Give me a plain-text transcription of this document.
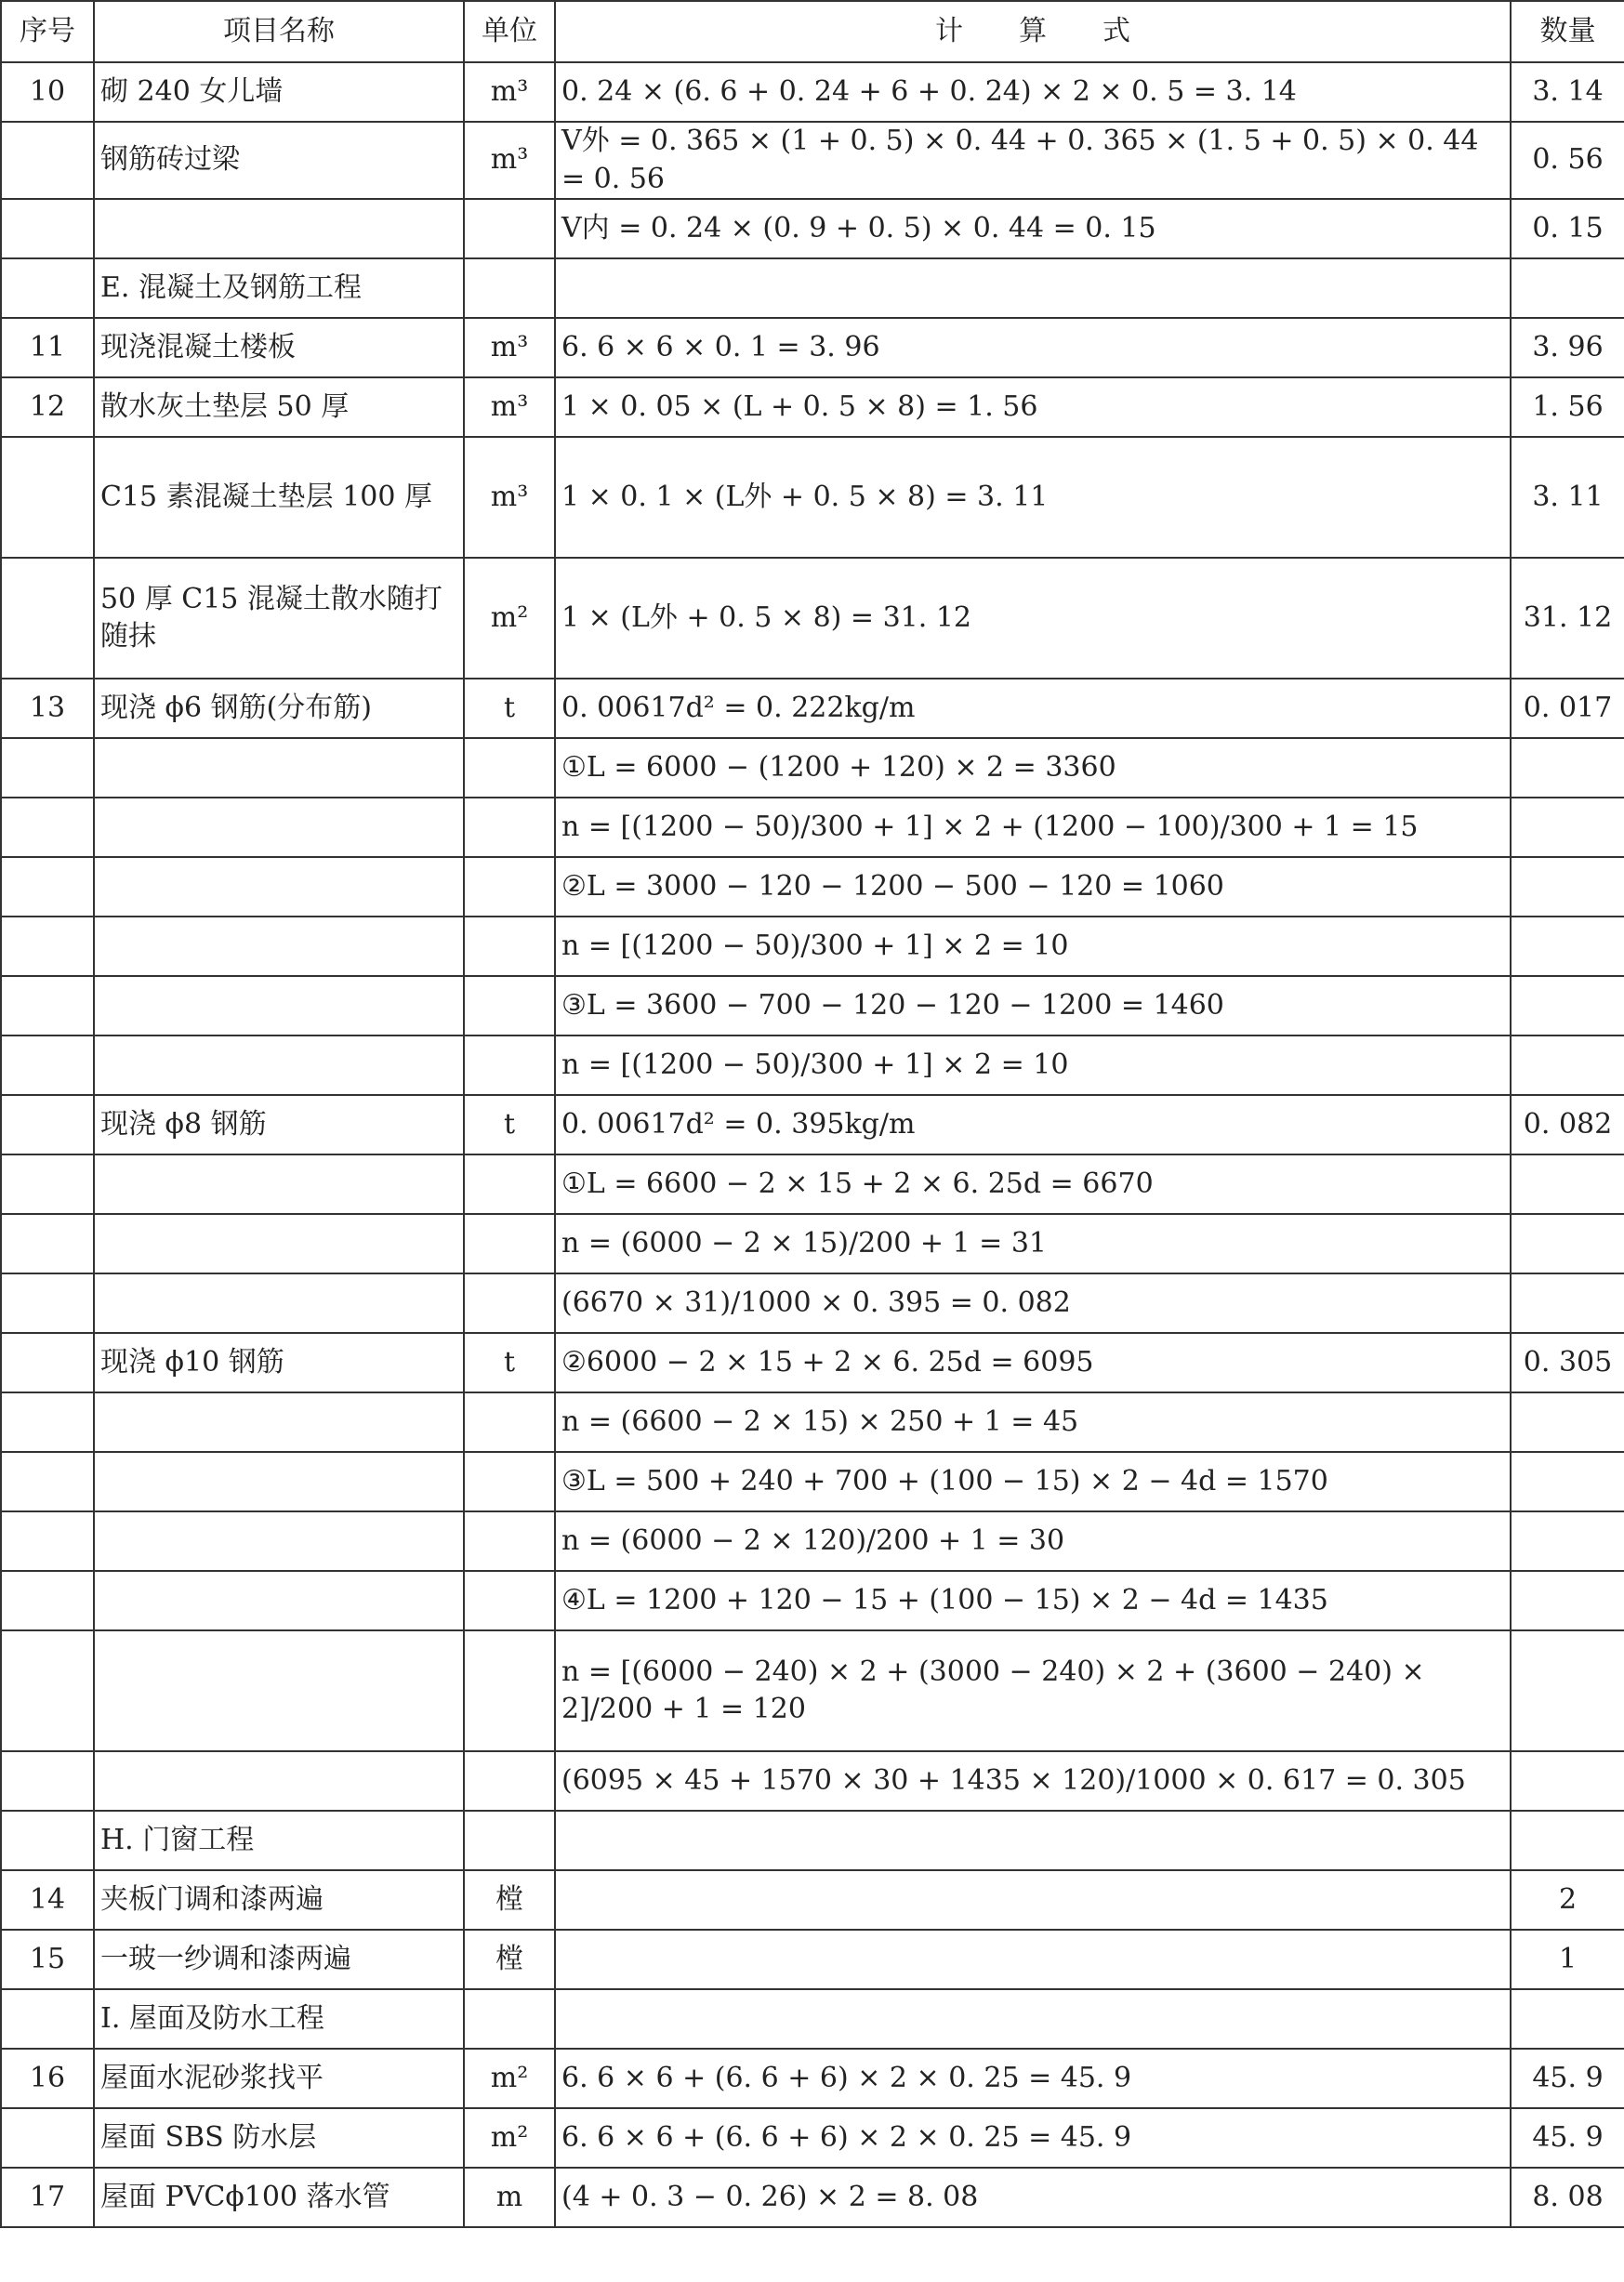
序号	项目名称	单位	计　　算　　式	数量
10	砌 240 女儿墙	m³	0. 24 × (6. 6 + 0. 24 + 6 + 0. 24) × 2 × 0. 5 = 3. 14	3. 14
	钢筋砖过梁	m³	V外 = 0. 365 × (1 + 0. 5) × 0. 44 + 0. 365 × (1. 5 + 0. 5) × 0. 44 = 0. 56	0. 56
			V内 = 0. 24 × (0. 9 + 0. 5) × 0. 44 = 0. 15	0. 15
	E. 混凝土及钢筋工程			
11	现浇混凝土楼板	m³	6. 6 × 6 × 0. 1 = 3. 96	3. 96
12	散水灰土垫层 50 厚	m³	1 × 0. 05 × (L + 0. 5 × 8) = 1. 56	1. 56
	C15 素混凝土垫层 100 厚	m³	1 × 0. 1 × (L外 + 0. 5 × 8) = 3. 11	3. 11
	50 厚 C15 混凝土散水随打随抹	m²	1 × (L外 + 0. 5 × 8) = 31. 12	31. 12
13	现浇 ϕ6 钢筋(分布筋)	t	0. 00617d² = 0. 222kg/m	0. 017
			①L = 6000 − (1200 + 120) × 2 = 3360	
			n = [(1200 − 50)/300 + 1] × 2 + (1200 − 100)/300 + 1 = 15	
			②L = 3000 − 120 − 1200 − 500 − 120 = 1060	
			n = [(1200 − 50)/300 + 1] × 2 = 10	
			③L = 3600 − 700 − 120 − 120 − 1200 = 1460	
			n = [(1200 − 50)/300 + 1] × 2 = 10	
	现浇 ϕ8 钢筋	t	0. 00617d² = 0. 395kg/m	0. 082
			①L = 6600 − 2 × 15 + 2 × 6. 25d = 6670	
			n = (6000 − 2 × 15)/200 + 1 = 31	
			(6670 × 31)/1000 × 0. 395 = 0. 082	
	现浇 ϕ10 钢筋	t	②6000 − 2 × 15 + 2 × 6. 25d = 6095	0. 305
			n = (6600 − 2 × 15) × 250 + 1 = 45	
			③L = 500 + 240 + 700 + (100 − 15) × 2 − 4d = 1570	
			n = (6000 − 2 × 120)/200 + 1 = 30	
			④L = 1200 + 120 − 15 + (100 − 15) × 2 − 4d = 1435	
			n = [(6000 − 240) × 2 + (3000 − 240) × 2 + (3600 − 240) × 2]/200 + 1 = 120	
			(6095 × 45 + 1570 × 30 + 1435 × 120)/1000 × 0. 617 = 0. 305	
	H. 门窗工程			
14	夹板门调和漆两遍	樘		2
15	一玻一纱调和漆两遍	樘		1
	I. 屋面及防水工程			
16	屋面水泥砂浆找平	m²	6. 6 × 6 + (6. 6 + 6) × 2 × 0. 25 = 45. 9	45. 9
	屋面 SBS 防水层	m²	6. 6 × 6 + (6. 6 + 6) × 2 × 0. 25 = 45. 9	45. 9
17	屋面 PVCϕ100 落水管	m	(4 + 0. 3 − 0. 26) × 2 = 8. 08	8. 08
